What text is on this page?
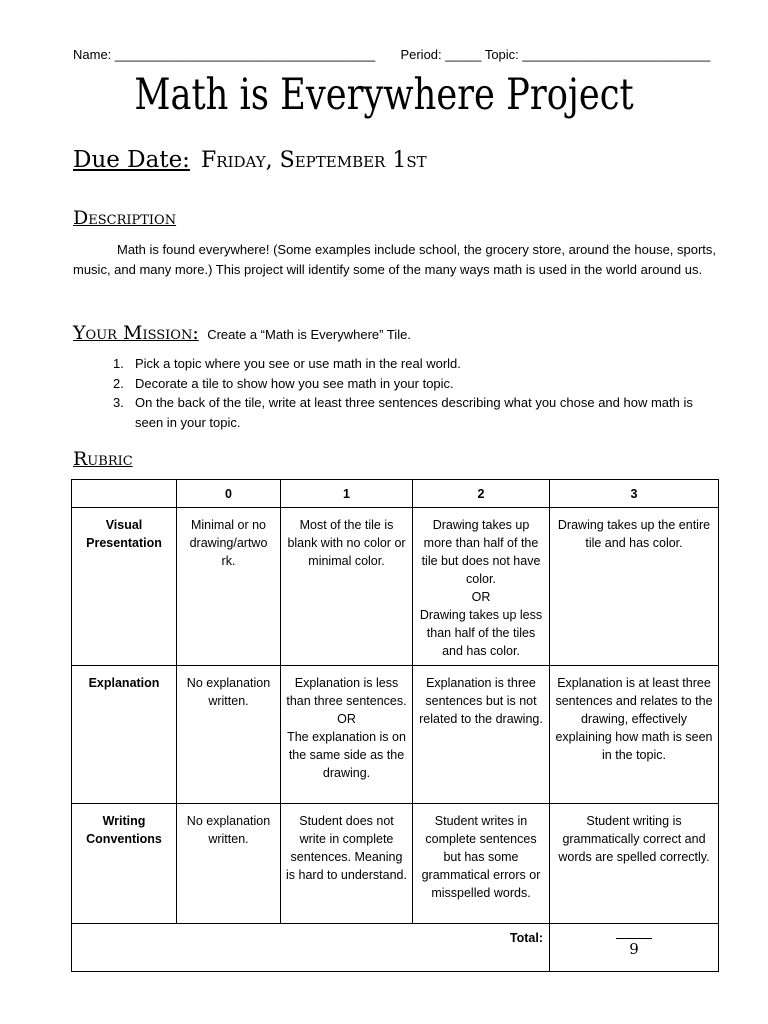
Name: ____________________________________ Period: _____ Topic: __________________________
Math is Everywhere Project
Due Date: Friday, September 1st
Description
Math is found everywhere! (Some examples include school, the grocery store, around the house, sports, music, and many more.) This project will identify some of the many ways math is used in the world around us.
Your Mission: Create a “Math is Everywhere” Tile.
1. Pick a topic where you see or use math in the real world.
2. Decorate a tile to show how you see math in your topic.
3. On the back of the tile, write at least three sentences describing what you chose and how math is seen in your topic.
Rubric
	0	1	2	3
Visual Presentation	Minimal or no drawing/artwo rk.	Most of the tile is blank with no color or minimal color.	Drawing takes up more than half of the tile but does not have color.
OR
Drawing takes up less than half of the tiles and has color.	Drawing takes up the entire tile and has color.
Explanation	No explanation written.	Explanation is less than three sentences.
OR
The explanation is on the same side as the drawing.	Explanation is three sentences but is not related to the drawing.	Explanation is at least three sentences and relates to the drawing, effectively explaining how math is seen in the topic.
Writing Conventions	No explanation written.	Student does not write in complete sentences. Meaning is hard to understand.	Student writes in complete sentences but has some grammatical errors or misspelled words.	Student writing is grammatically correct and words are spelled correctly.
Total:				9
